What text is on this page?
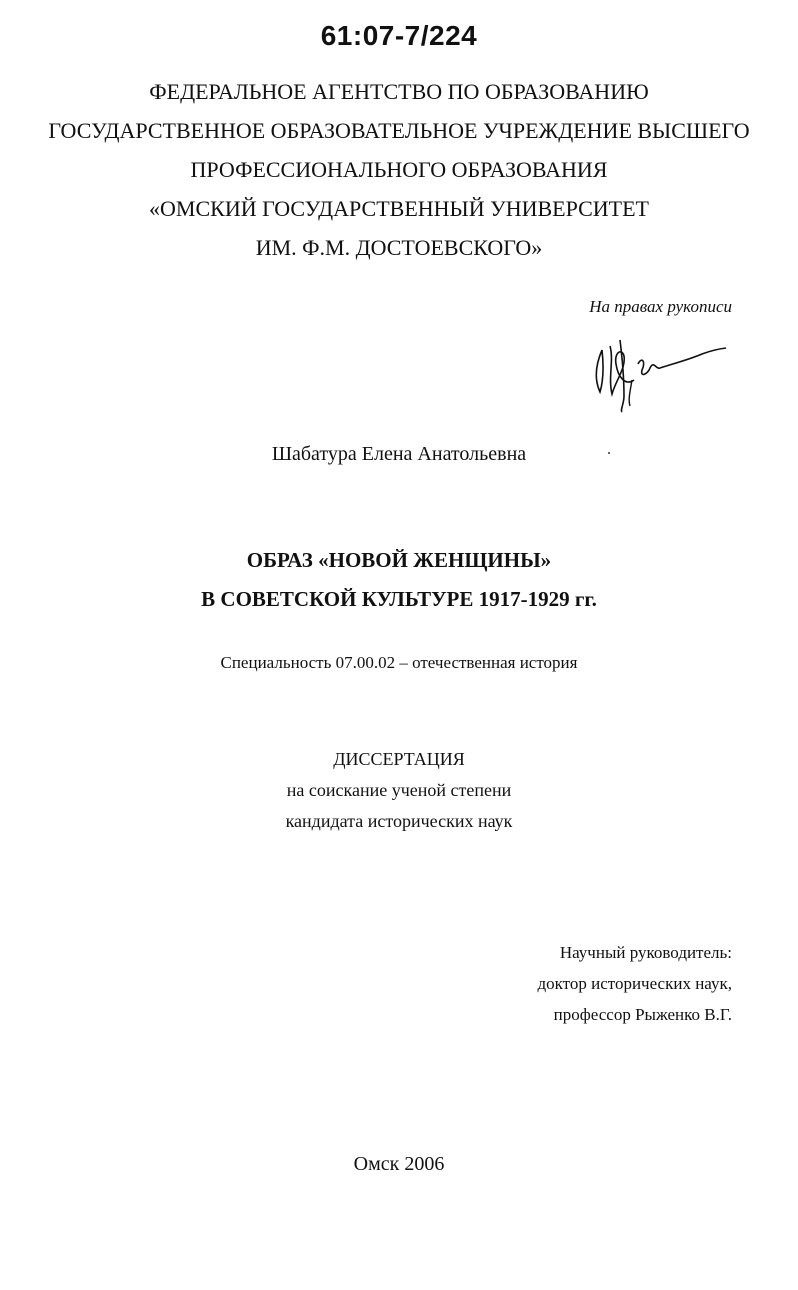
61:07-7/224
ФЕДЕРАЛЬНОЕ АГЕНТСТВО ПО ОБРАЗОВАНИЮ
ГОСУДАРСТВЕННОЕ ОБРАЗОВАТЕЛЬНОЕ УЧРЕЖДЕНИЕ ВЫСШЕГО
ПРОФЕССИОНАЛЬНОГО ОБРАЗОВАНИЯ
«ОМСКИЙ ГОСУДАРСТВЕННЫЙ УНИВЕРСИТЕТ
ИМ. Ф.М. ДОСТОЕВСКОГО»
На правах рукописи
Шабатура Елена Анатольевна
ОБРАЗ «НОВОЙ ЖЕНЩИНЫ»
В СОВЕТСКОЙ КУЛЬТУРЕ 1917-1929 гг.
Специальность 07.00.02 – отечественная история
ДИССЕРТАЦИЯ
на соискание ученой степени
кандидата исторических наук
Научный руководитель:
доктор исторических наук,
профессор Рыженко В.Г.
Омск 2006
